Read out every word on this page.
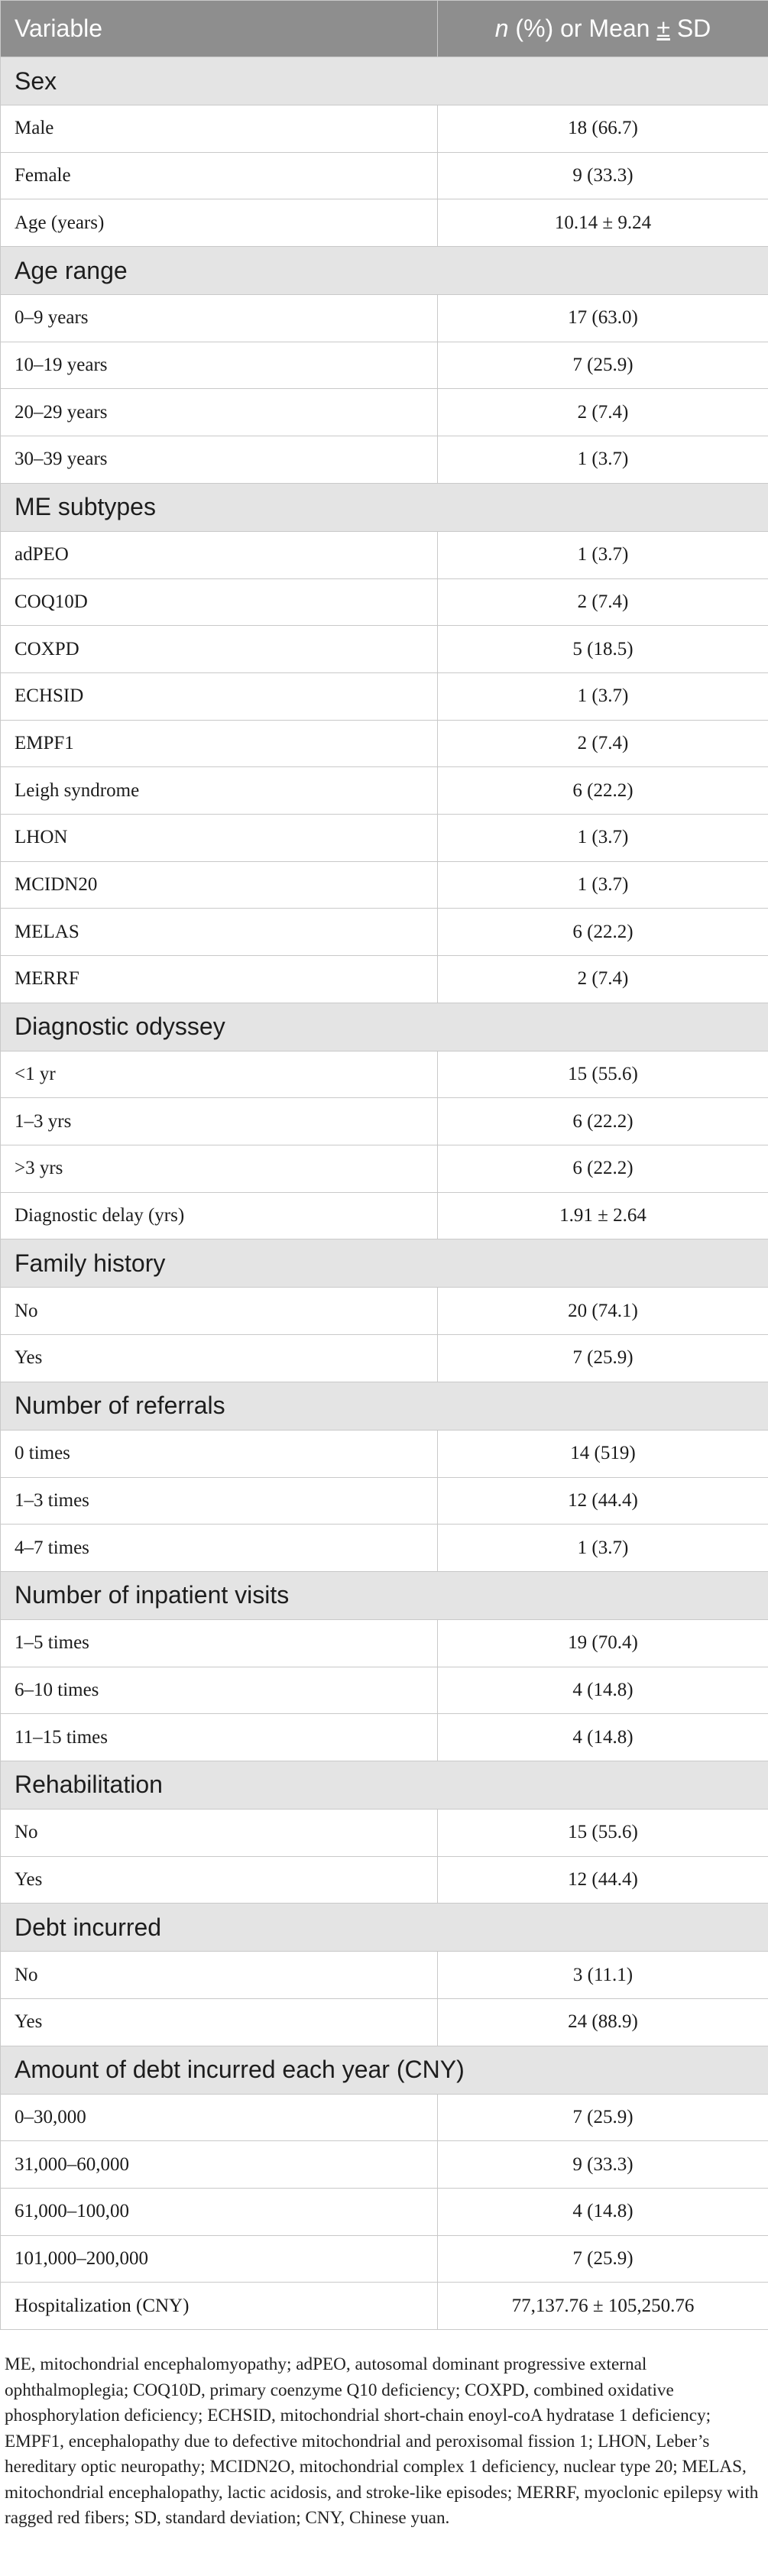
Variable	n (%) or Mean ± SD
Sex	
Male	18 (66.7)
Female	9 (33.3)
Age (years)	10.14 ± 9.24
Age range	
0–9 years	17 (63.0)
10–19 years	7 (25.9)
20–29 years	2 (7.4)
30–39 years	1 (3.7)
ME subtypes	
adPEO	1 (3.7)
COQ10D	2 (7.4)
COXPD	5 (18.5)
ECHSID	1 (3.7)
EMPF1	2 (7.4)
Leigh syndrome	6 (22.2)
LHON	1 (3.7)
MCIDN20	1 (3.7)
MELAS	6 (22.2)
MERRF	2 (7.4)
Diagnostic odyssey	
<1 yr	15 (55.6)
1–3 yrs	6 (22.2)
>3 yrs	6 (22.2)
Diagnostic delay (yrs)	1.91 ± 2.64
Family history	
No	20 (74.1)
Yes	7 (25.9)
Number of referrals	
0 times	14 (519)
1–3 times	12 (44.4)
4–7 times	1 (3.7)
Number of inpatient visits	
1–5 times	19 (70.4)
6–10 times	4 (14.8)
11–15 times	4 (14.8)
Rehabilitation	
No	15 (55.6)
Yes	12 (44.4)
Debt incurred	
No	3 (11.1)
Yes	24 (88.9)
Amount of debt incurred each year (CNY)	
0–30,000	7 (25.9)
31,000–60,000	9 (33.3)
61,000–100,00	4 (14.8)
101,000–200,000	7 (25.9)
Hospitalization (CNY)	77,137.76 ± 105,250.76
ME, mitochondrial encephalomyopathy; adPEO, autosomal dominant progressive external ophthalmoplegia; COQ10D, primary coenzyme Q10 deficiency; COXPD, combined oxidative phosphorylation deficiency; ECHSID, mitochondrial short-chain enoyl-coA hydratase 1 deficiency; EMPF1, encephalopathy due to defective mitochondrial and peroxisomal fission 1; LHON, Leber’s hereditary optic neuropathy; MCIDN2O, mitochondrial complex 1 deficiency, nuclear type 20; MELAS, mitochondrial encephalopathy, lactic acidosis, and stroke-like episodes; MERRF, myoclonic epilepsy with ragged red fibers; SD, standard deviation; CNY, Chinese yuan.
